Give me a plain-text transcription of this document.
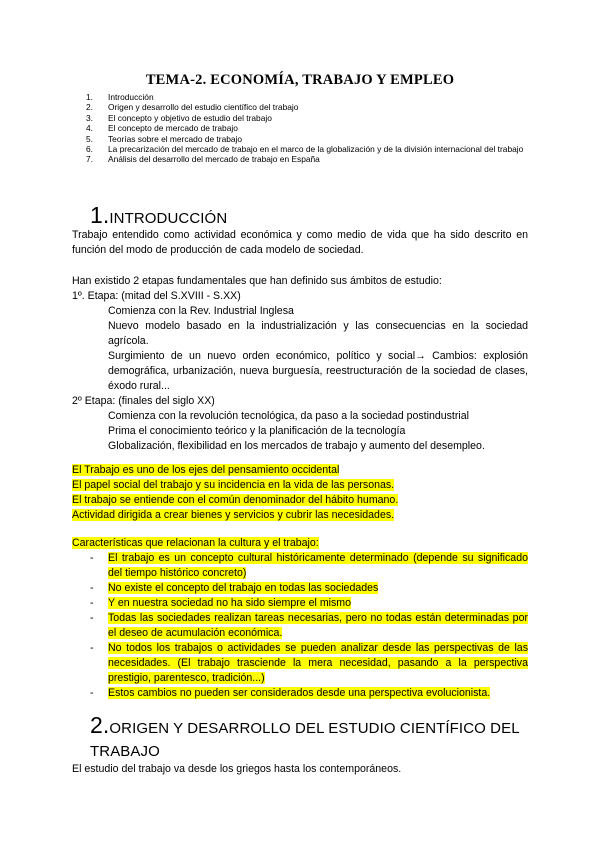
TEMA-2. ECONOMÍA, TRABAJO Y EMPLEO
1.	Introducción
2.	Origen y desarrollo del estudio científico del trabajo
3.	El concepto y objetivo de estudio del trabajo
4.	El concepto de mercado de trabajo
5.	Teorías sobre el mercado de trabajo
6.	La precarización del mercado de trabajo en el marco de la globalización y de la división internacional del trabajo
7.	Análisis del desarrollo del mercado de trabajo en España
1.INTRODUCCIÓN
Trabajo entendido como actividad económica y como medio de vida que ha sido descrito en función del modo de producción de cada modelo de sociedad.
Han existido 2 etapas fundamentales que han definido sus ámbitos de estudio:
1º. Etapa: (mitad del S.XVIII - S.XX)
Comienza con la Rev. Industrial Inglesa
Nuevo modelo basado en la industrialización y las consecuencias en la sociedad agrícola.
Surgimiento de un nuevo orden económico, político y social→ Cambios: explosión demográfica, urbanización, nueva burguesía, reestructuración de la sociedad de clases, éxodo rural...
2º Etapa: (finales del siglo XX)
Comienza con la revolución tecnológica, da paso a la sociedad postindustrial
Prima el conocimiento teórico y la planificación de la tecnología
Globalización, flexibilidad en los mercados de trabajo y aumento del desempleo.
El Trabajo es uno de los ejes del pensamiento occidental
El papel social del trabajo y su incidencia en la vida de las personas.
El trabajo se entiende con el común denominador del hábito humano.
Actividad dirigida a crear bienes y servicios y cubrir las necesidades.
Características que relacionan la cultura y el trabajo:
-	El trabajo es un concepto cultural históricamente determinado (depende su significado del tiempo histórico concreto)
-	No existe el concepto del trabajo en todas las sociedades
-	Y en nuestra sociedad no ha sido siempre el mismo
-	Todas las sociedades realizan tareas necesarias, pero no todas están determinadas por el deseo de acumulación económica.
-	No todos los trabajos o actividades se pueden analizar desde las perspectivas de las necesidades. (El trabajo trasciende la mera necesidad, pasando a la perspectiva prestigio, parentesco, tradición...)
-	Estos cambios no pueden ser considerados desde una perspectiva evolucionista.
2.ORIGEN Y DESARROLLO DEL ESTUDIO CIENTÍFICO DEL TRABAJO
El estudio del trabajo va desde los griegos hasta los contemporáneos.
